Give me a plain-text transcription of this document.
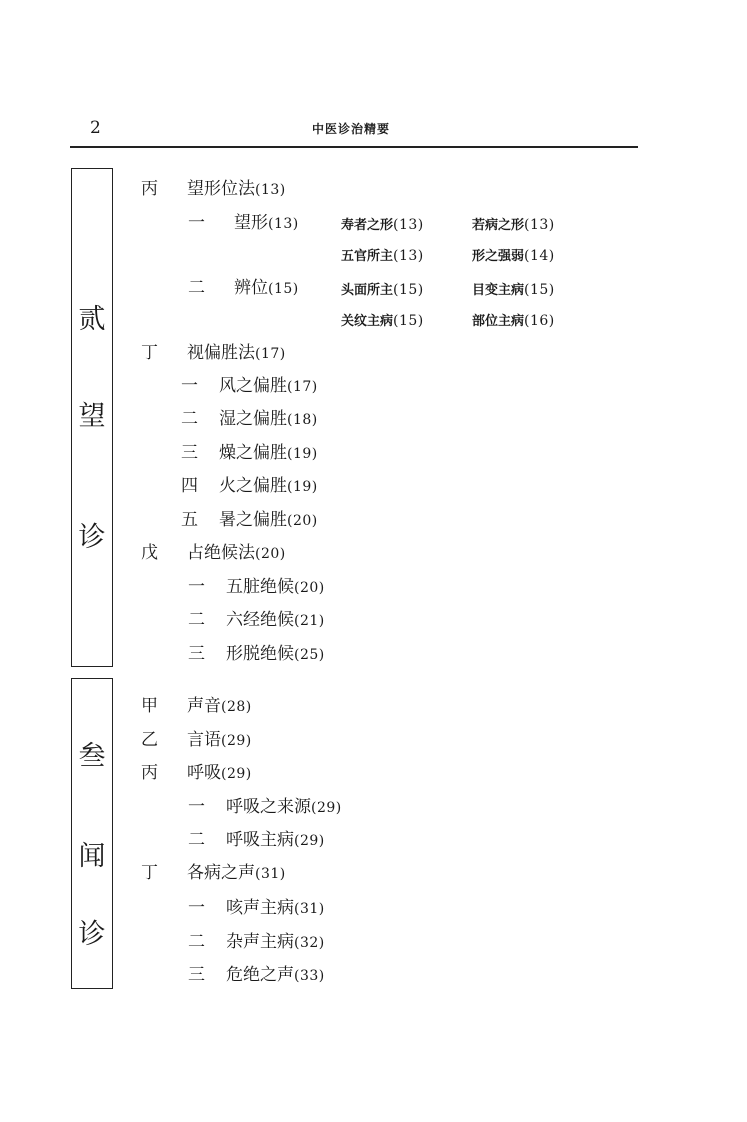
2	中医诊治精要
贰
望
诊
叁
闻
诊
丙 望形位法(13)
一 望形(13)	寿者之形(13)	若病之形(13)
五官所主(13)	形之强弱(14)
二 辨位(15)	头面所主(15)	目变主病(15)
关纹主病(15)	部位主病(16)
丁 视偏胜法(17)
一 风之偏胜(17)
二 湿之偏胜(18)
三 燥之偏胜(19)
四 火之偏胜(19)
五 暑之偏胜(20)
戊 占绝候法(20)
一 五脏绝候(20)
二 六经绝候(21)
三 形脱绝候(25)
甲 声音(28)
乙 言语(29)
丙 呼吸(29)
一 呼吸之来源(29)
二 呼吸主病(29)
丁 各病之声(31)
一 咳声主病(31)
二 杂声主病(32)
三 危绝之声(33)
